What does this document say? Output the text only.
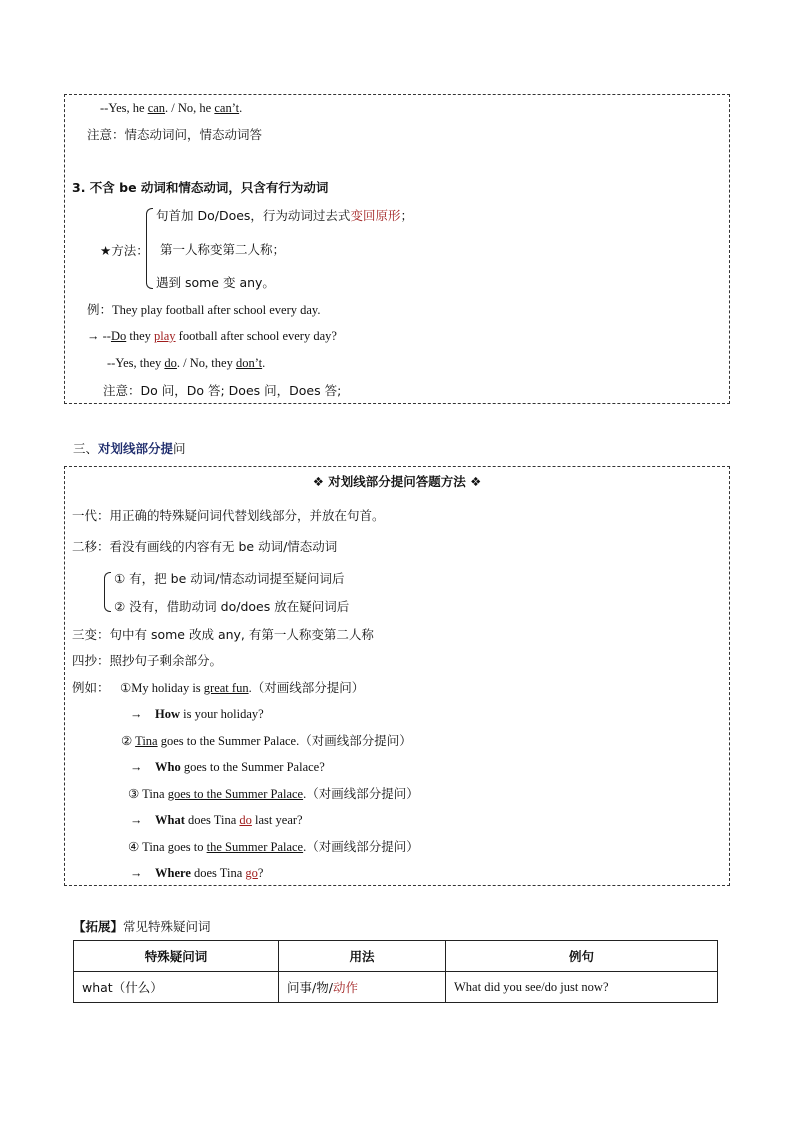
--Yes, he can. / No, he can’t.
注意：情态动词问，情态动词答
3. 不含 be 动词和情态动词，只含有行为动词
★方法：
句首加 Do/Does，行为动词过去式变回原形；
第一人称变第二人称；
遇到 some 变 any。
例：They play football after school every day.
→ --Do they play football after school every day?
--Yes, they do. / No, they don’t.
注意：Do 问，Do 答; Does 问，Does 答;
三、对划线部分提问
❖ 对划线部分提问答题方法 ❖
一代：用正确的特殊疑问词代替划线部分，并放在句首。
二移：看没有画线的内容有无 be 动词/情态动词
① 有，把 be 动词/情态动词提至疑问词后
② 没有，借助动词 do/does 放在疑问词后
三变：句中有 some 改成 any, 有第一人称变第二人称
四抄：照抄句子剩余部分。
例如： ①My holiday is great fun.（对画线部分提问）
→ How is your holiday?
② Tina goes to the Summer Palace.（对画线部分提问）
→ Who goes to the Summer Palace?
③ Tina goes to the Summer Palace.（对画线部分提问）
→ What does Tina do last year?
④ Tina goes to the Summer Palace.（对画线部分提问）
→ Where does Tina go?
【拓展】常见特殊疑问词
特殊疑问词	用法	例句
what（什么）	问事/物/动作	What did you see/do just now?
